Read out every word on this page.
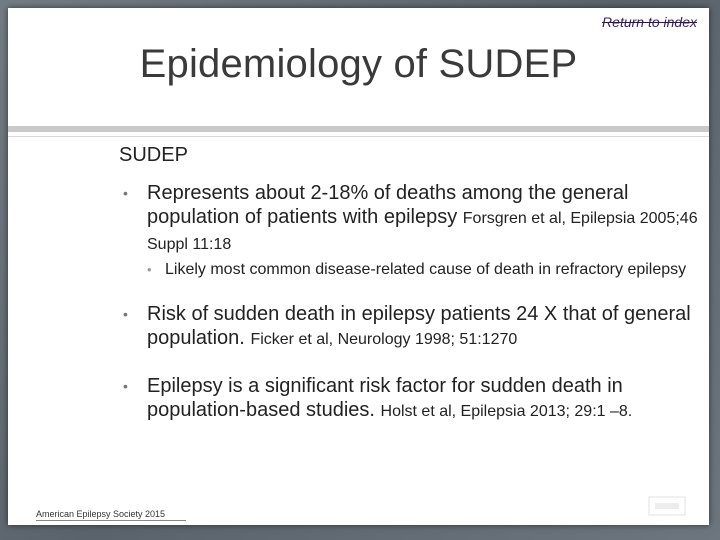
Return to index
Epidemiology of SUDEP

SUDEP

• Represents about 2-18% of deaths among the general population of patients with epilepsy Forsgren et al, Epilepsia 2005;46 Suppl 11:18
• Likely most common disease-related cause of death in refractory epilepsy
• Risk of sudden death in epilepsy patients 24 X that of general population. Ficker et al, Neurology 1998; 51:1270
• Epilepsy is a significant risk factor for sudden death in population-based studies. Holst et al, Epilepsia 2013; 29:1 –8.
American Epilepsy Society 2015
